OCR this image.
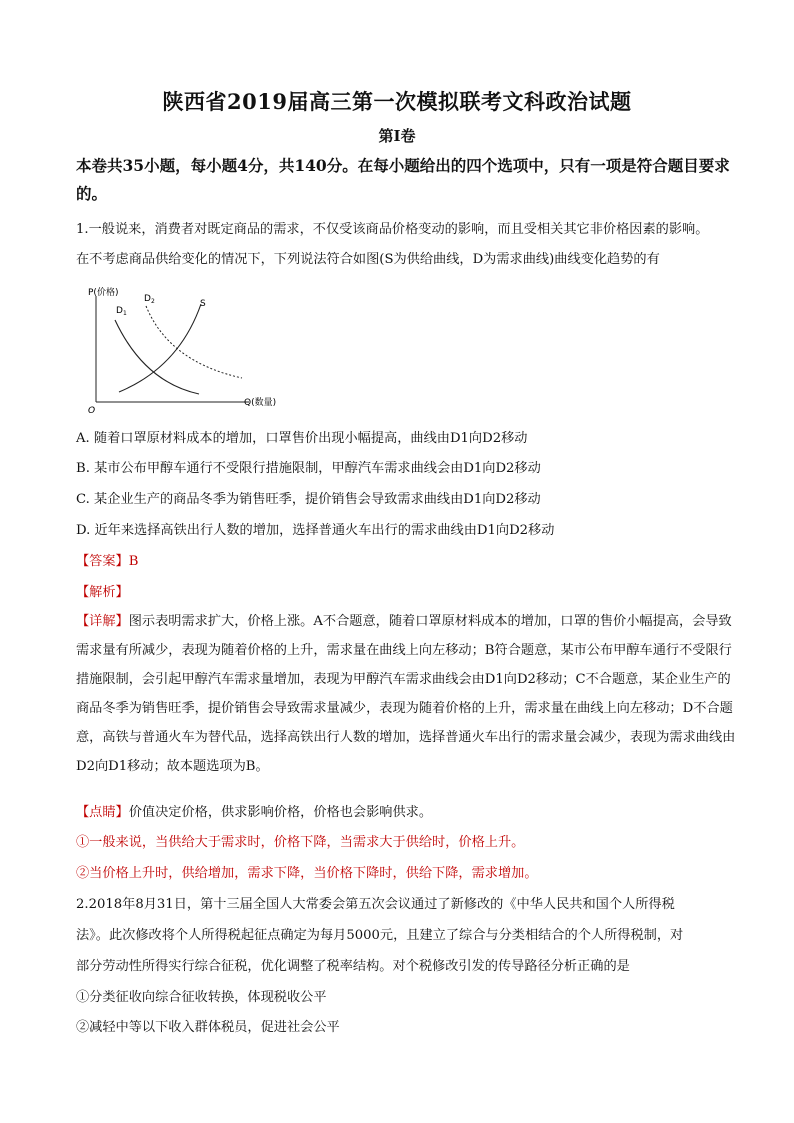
陕西省2019届高三第一次模拟联考文科政治试题
第Ⅰ卷
本卷共35小题，每小题4分，共140分。在每小题给出的四个选项中，只有一项是符合题目要求的。
1.一般说来，消费者对既定商品的需求，不仅受该商品价格变动的影响，而且受相关其它非价格因素的影响。
在不考虑商品供给变化的情况下，下列说法符合如图(S为供给曲线，D为需求曲线)曲线变化趋势的有
P(价格)
Q(数量)
O
$D_1$
$D_2$	S
A. 随着口罩原材料成本的增加，口罩售价出现小幅提高，曲线由D1向D2移动
B. 某市公布甲醇车通行不受限行措施限制，甲醇汽车需求曲线会由D1向D2移动
C. 某企业生产的商品冬季为销售旺季，提价销售会导致需求曲线由D1向D2移动
D. 近年来选择高铁出行人数的增加，选择普通火车出行的需求曲线由D1向D2移动
【答案】B
【解析】
【详解】图示表明需求扩大，价格上涨。A不合题意，随着口罩原材料成本的增加，口罩的售价小幅提高，会导致需求量有所减少，表现为随着价格的上升，需求量在曲线上向左移动；B符合题意，某市公布甲醇车通行不受限行措施限制，会引起甲醇汽车需求量增加，表现为甲醇汽车需求曲线会由D1向D2移动；C不合题意，某企业生产的商品冬季为销售旺季，提价销售会导致需求量减少，表现为随着价格的上升，需求量在曲线上向左移动；D不合题意，高铁与普通火车为替代品，选择高铁出行人数的增加，选择普通火车出行的需求量会减少，表现为需求曲线由D2向D1移动；故本题选项为B。
【点睛】价值决定价格，供求影响价格，价格也会影响供求。
①一般来说，当供给大于需求时，价格下降，当需求大于供给时，价格上升。
②当价格上升时，供给增加，需求下降，当价格下降时，供给下降，需求增加。
2.2018年8月31日，第十三届全国人大常委会第五次会议通过了新修改的《中华人民共和国个人所得税
法》。此次修改将个人所得税起征点确定为每月5000元，且建立了综合与分类相结合的个人所得税制，对
部分劳动性所得实行综合征税，优化调整了税率结构。对个税修改引发的传导路径分析正确的是
①分类征收向综合征收转换，体现税收公平
②减轻中等以下收入群体税员，促进社会公平
